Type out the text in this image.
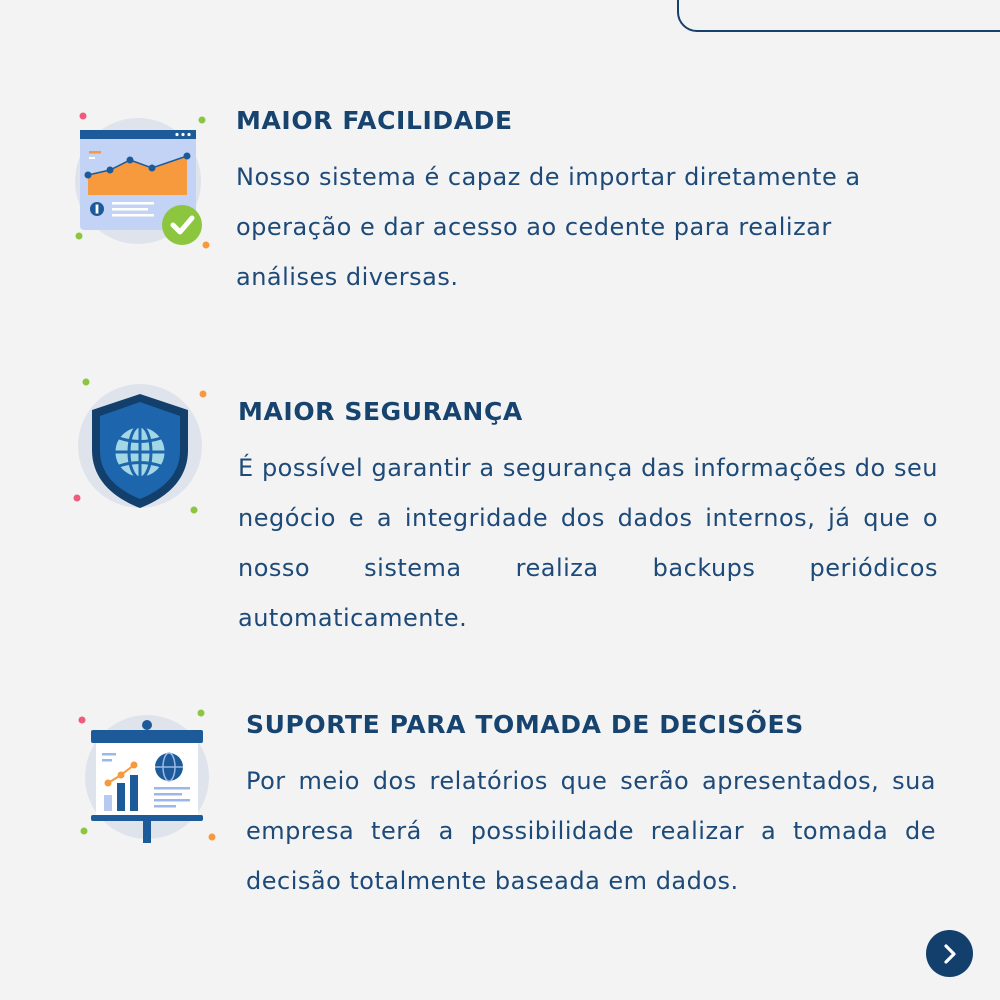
MAIOR FACILIDADE

Nosso sistema é capaz de importar diretamente a operação e dar acesso ao cedente para realizar análises diversas.

MAIOR SEGURANÇA

É possível garantir a segurança das informações do seu negócio e a integridade dos dados internos, já que o nosso sistema realiza backups periódicos automaticamente.

SUPORTE PARA TOMADA DE DECISÕES

Por meio dos relatórios que serão apresentados, sua empresa terá a possibilidade realizar a tomada de decisão totalmente baseada em dados.
